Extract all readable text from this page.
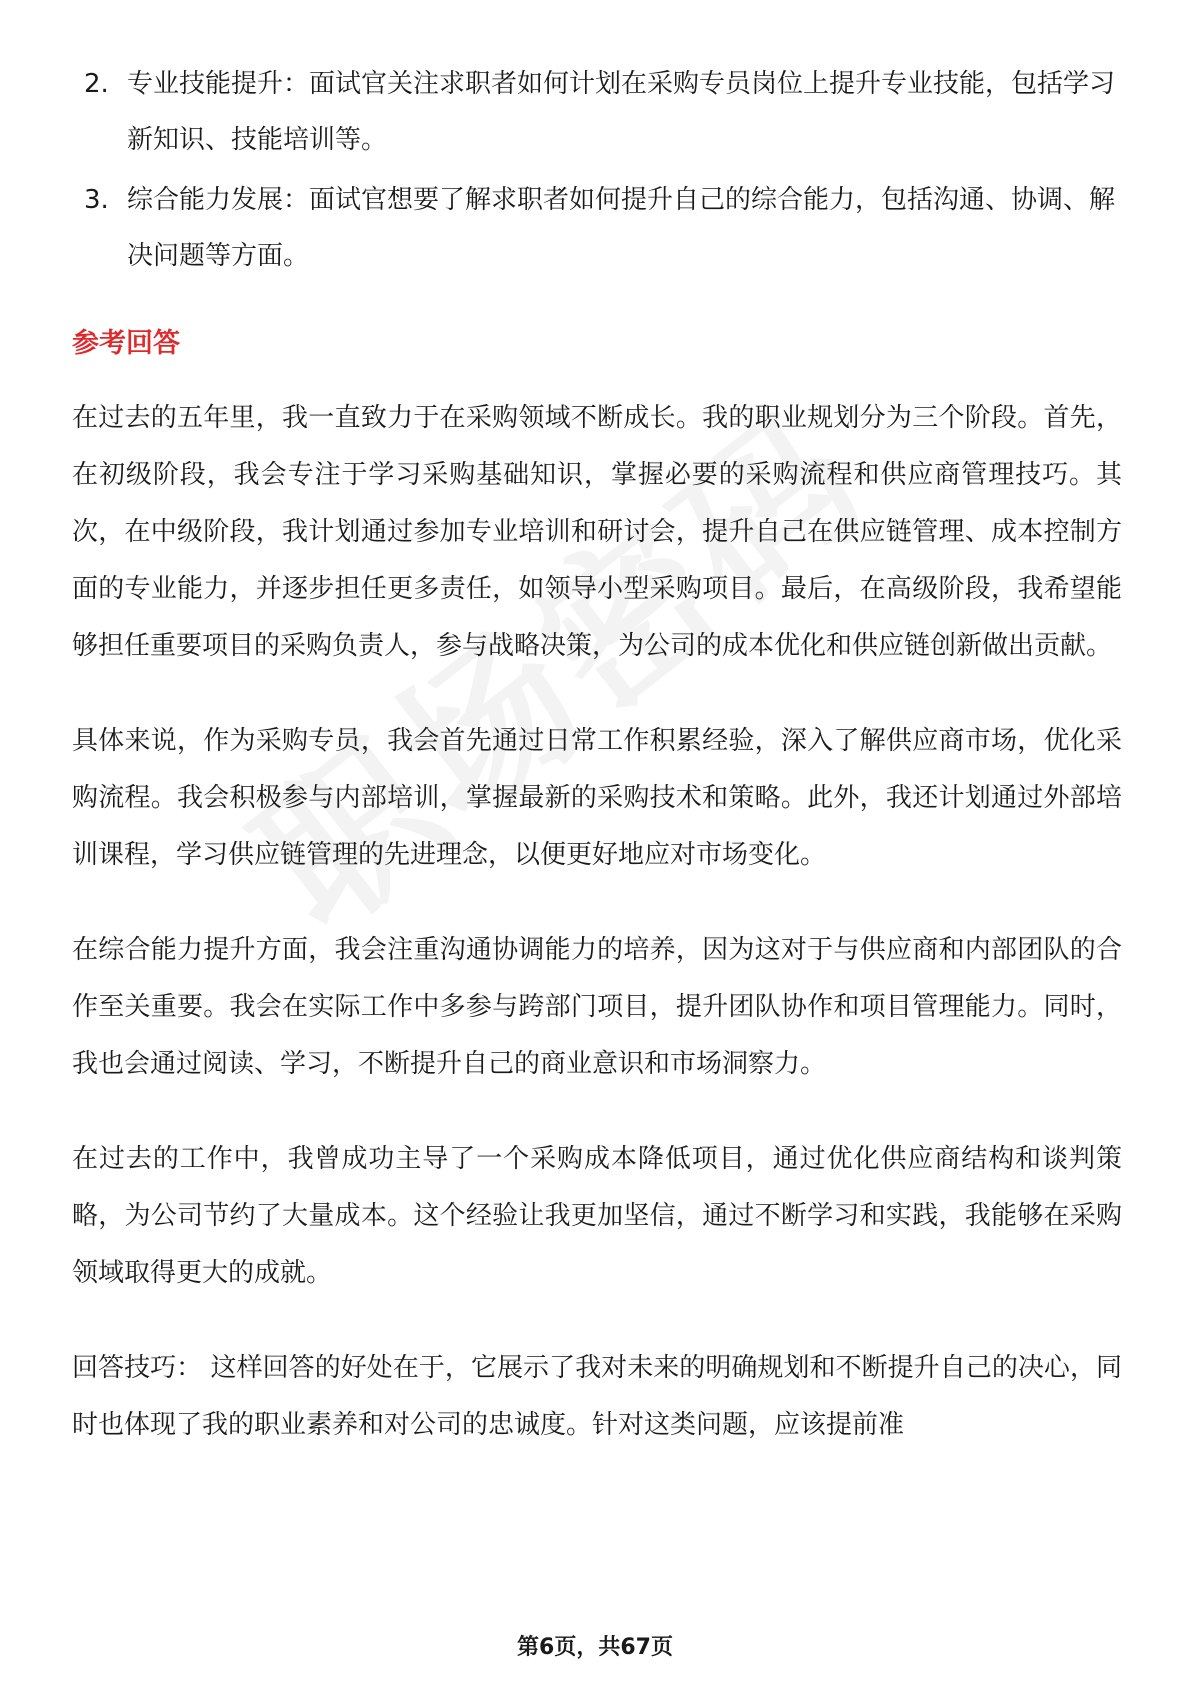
2. 专业技能提升：面试官关注求职者如何计划在采购专员岗位上提升专业技能，包括学习新知识、技能培训等。
3. 综合能力发展：面试官想要了解求职者如何提升自己的综合能力，包括沟通、协调、解决问题等方面。
参考回答

在过去的五年里，我一直致力于在采购领域不断成长。我的职业规划分为三个阶段。首先，在初级阶段，我会专注于学习采购基础知识，掌握必要的采购流程和供应商管理技巧。其次，在中级阶段，我计划通过参加专业培训和研讨会，提升自己在供应链管理、成本控制方面的专业能力，并逐步担任更多责任，如领导小型采购项目。最后，在高级阶段，我希望能够担任重要项目的采购负责人，参与战略决策，为公司的成本优化和供应链创新做出贡献。

具体来说，作为采购专员，我会首先通过日常工作积累经验，深入了解供应商市场，优化采购流程。我会积极参与内部培训，掌握最新的采购技术和策略。此外，我还计划通过外部培训课程，学习供应链管理的先进理念，以便更好地应对市场变化。

在综合能力提升方面，我会注重沟通协调能力的培养，因为这对于与供应商和内部团队的合作至关重要。我会在实际工作中多参与跨部门项目，提升团队协作和项目管理能力。同时，我也会通过阅读、学习，不断提升自己的商业意识和市场洞察力。

在过去的工作中，我曾成功主导了一个采购成本降低项目，通过优化供应商结构和谈判策略，为公司节约了大量成本。这个经验让我更加坚信，通过不断学习和实践，我能够在采购领域取得更大的成就。

回答技巧： 这样回答的好处在于，它展示了我对未来的明确规划和不断提升自己的决心，同时也体现了我的职业素养和对公司的忠诚度。针对这类问题，应该提前准

第6页，共67页
